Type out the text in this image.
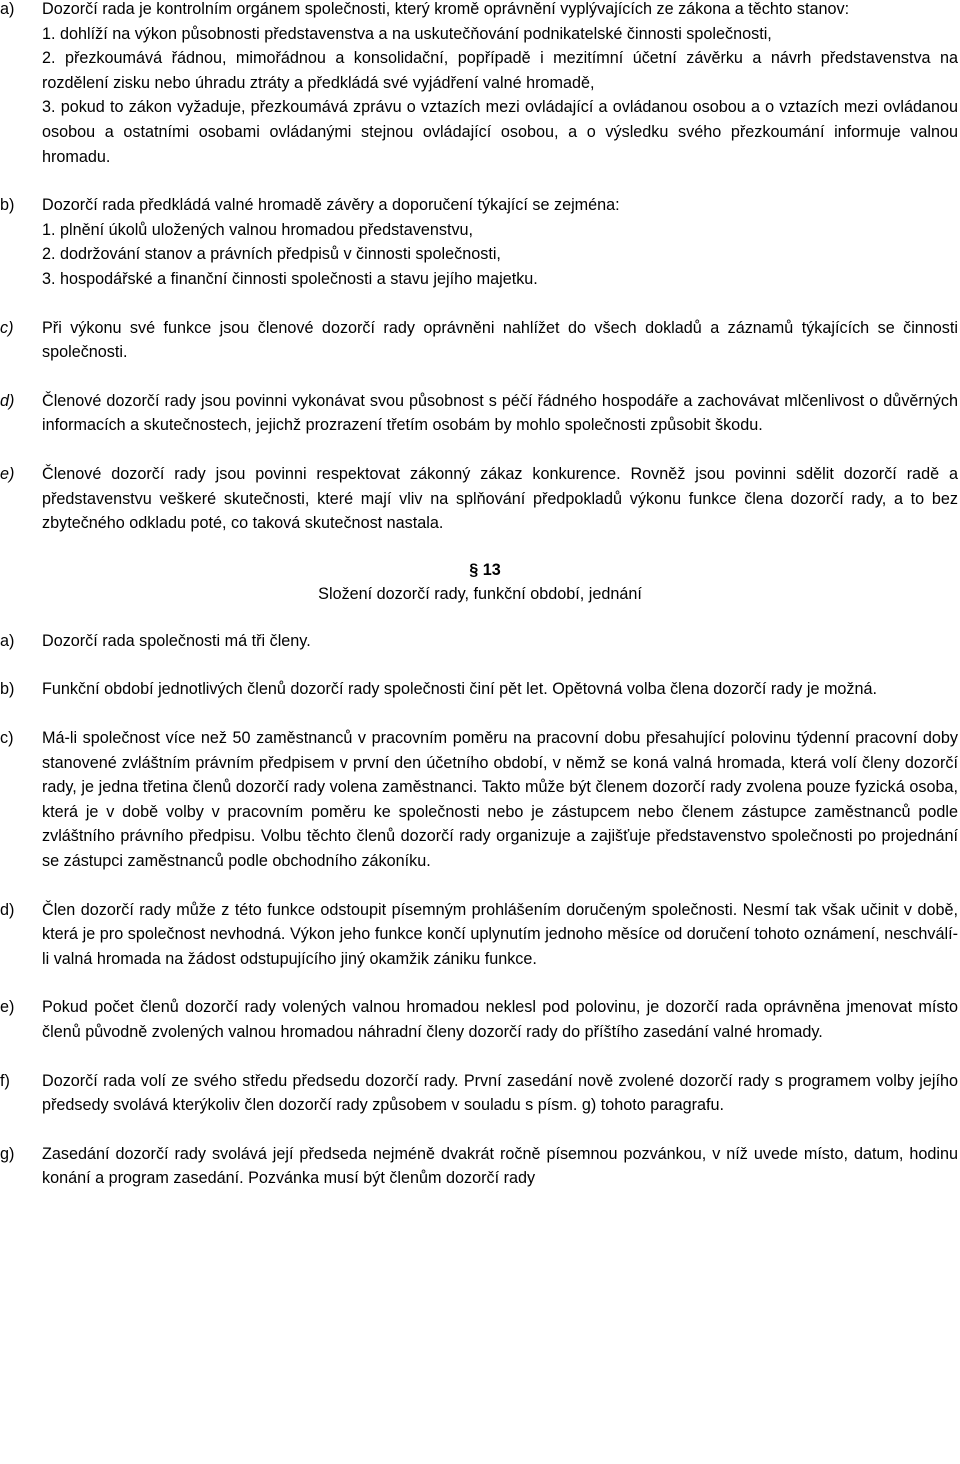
a) Dozorčí rada je kontrolním orgánem společnosti, který kromě oprávnění vyplývajících ze zákona a těchto stanov:
1. dohlíží na výkon působnosti představenstva a na uskutečňování podnikatelské činnosti společnosti,
2. přezkoumává řádnou, mimořádnou a konsolidační, popřípadě i mezitímní účetní závěrku a návrh představenstva na rozdělení zisku nebo úhradu ztráty a předkládá své vyjádření valné hromadě,
3. pokud to zákon vyžaduje, přezkoumává zprávu o vztazích mezi ovládající a ovládanou osobou a o vztazích mezi ovládanou osobou a ostatními osobami ovládanými stejnou ovládající osobou, a o výsledku svého přezkoumání informuje valnou hromadu.
b) Dozorčí rada předkládá valné hromadě závěry a doporučení týkající se zejména:
1. plnění úkolů uložených valnou hromadou představenstvu,
2. dodržování stanov a právních předpisů v činnosti společnosti,
3. hospodářské a finanční činnosti společnosti a stavu jejího majetku.
c) Při výkonu své funkce jsou členové dozorčí rady oprávněni nahlížet do všech dokladů a záznamů týkajících se činnosti společnosti.
d) Členové dozorčí rady jsou povinni vykonávat svou působnost s péčí řádného hospodáře a zachovávat mlčenlivost o důvěrných informacích a skutečnostech, jejichž prozrazení třetím osobám by mohlo společnosti způsobit škodu.
e) Členové dozorčí rady jsou povinni respektovat zákonný zákaz konkurence. Rovněž jsou povinni sdělit dozorčí radě a představenstvu veškeré skutečnosti, které mají vliv na splňování předpokladů výkonu funkce člena dozorčí rady, a to bez zbytečného odkladu poté, co taková skutečnost nastala.
§ 13
Složení dozorčí rady, funkční období, jednání
a) Dozorčí rada společnosti má tři členy.
b) Funkční období jednotlivých členů dozorčí rady společnosti činí pět let. Opětovná volba člena dozorčí rady je možná.
c) Má-li společnost více než 50 zaměstnanců v pracovním poměru na pracovní dobu přesahující polovinu týdenní pracovní doby stanovené zvláštním právním předpisem v první den účetního období, v němž se koná valná hromada, která volí členy dozorčí rady, je jedna třetina členů dozorčí rady volena zaměstnanci. Takto může být členem dozorčí rady zvolena pouze fyzická osoba, která je v době volby v pracovním poměru ke společnosti nebo je zástupcem nebo členem zástupce zaměstnanců podle zvláštního právního předpisu. Volbu těchto členů dozorčí rady organizuje a zajišťuje představenstvo společnosti po projednání se zástupci zaměstnanců podle obchodního zákoníku.
d) Člen dozorčí rady může z této funkce odstoupit písemným prohlášením doručeným společnosti. Nesmí tak však učinit v době, která je pro společnost nevhodná. Výkon jeho funkce končí uplynutím jednoho měsíce od doručení tohoto oznámení, neschválí-li valná hromada na žádost odstupujícího jiný okamžik zániku funkce.
e) Pokud počet členů dozorčí rady volených valnou hromadou neklesl pod polovinu, je dozorčí rada oprávněna jmenovat místo členů původně zvolených valnou hromadou náhradní členy dozorčí rady do příštího zasedání valné hromady.
f) Dozorčí rada volí ze svého středu předsedu dozorčí rady. První zasedání nově zvolené dozorčí rady s programem volby jejího předsedy svolává kterýkoliv člen dozorčí rady způsobem v souladu s písm. g) tohoto paragrafu.
g) Zasedání dozorčí rady svolává její předseda nejméně dvakrát ročně písemnou pozvánkou, v níž uvede místo, datum, hodinu konání a program zasedání. Pozvánka musí být členům dozorčí rady
